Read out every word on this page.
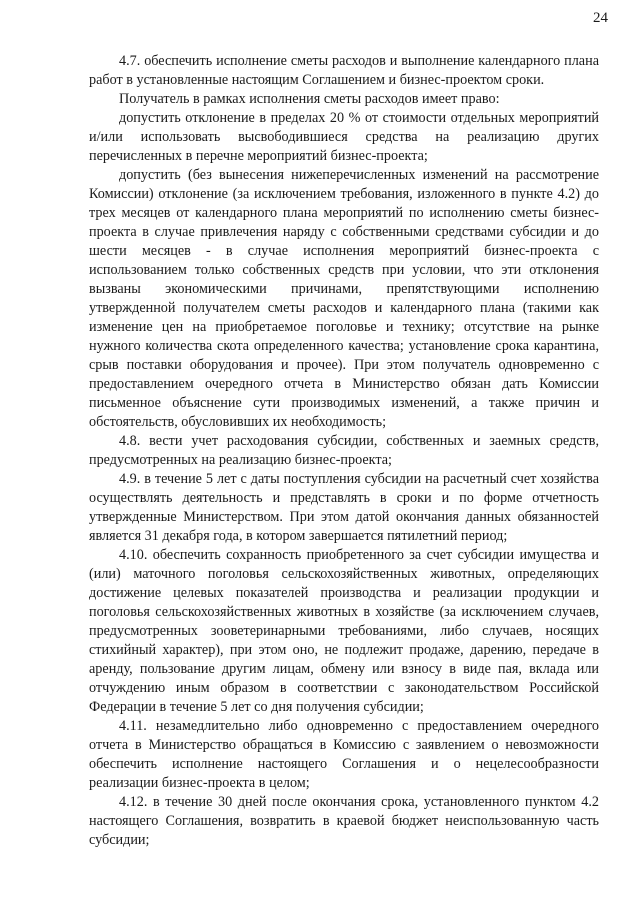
24

4.7. обеспечить исполнение сметы расходов и выполнение календарного плана работ в установленные настоящим Соглашением и бизнес-проектом сроки.

Получатель в рамках исполнения сметы расходов имеет право:

допустить отклонение в пределах 20 % от стоимости отдельных мероприятий и/или использовать высвободившиеся средства на реализацию других перечисленных в перечне мероприятий бизнес-проекта;

допустить (без вынесения нижеперечисленных изменений на рассмотрение Комиссии) отклонение (за исключением требования, изложенного в пункте 4.2) до трех месяцев от календарного плана мероприятий по исполнению сметы бизнес-проекта в случае привлечения наряду с собственными средствами субсидии и до шести месяцев - в случае исполнения мероприятий бизнес-проекта с использованием только собственных средств при условии, что эти отклонения вызваны экономическими причинами, препятствующими исполнению утвержденной получателем сметы расходов и календарного плана (такими как изменение цен на приобретаемое поголовье и технику; отсутствие на рынке нужного количества скота определенного качества; установление срока карантина, срыв поставки оборудования и прочее). При этом получатель одновременно с предоставлением очередного отчета в Министерство обязан дать Комиссии письменное объяснение сути производимых изменений, а также причин и обстоятельств, обусловивших их необходимость;

4.8. вести учет расходования субсидии, собственных и заемных средств, предусмотренных на реализацию бизнес-проекта;

4.9. в течение 5 лет с даты поступления субсидии на расчетный счет хозяйства осуществлять деятельность и представлять в сроки и по форме отчетность утвержденные Министерством. При этом датой окончания данных обязанностей является 31 декабря года, в котором завершается пятилетний период;

4.10. обеспечить сохранность приобретенного за счет субсидии имущества и (или) маточного поголовья сельскохозяйственных животных, определяющих достижение целевых показателей производства и реализации продукции и поголовья сельскохозяйственных животных в хозяйстве (за исключением случаев, предусмотренных зооветеринарными требованиями, либо случаев, носящих стихийный характер), при этом оно, не подлежит продаже, дарению, передаче в аренду, пользование другим лицам, обмену или взносу в виде пая, вклада или отчуждению иным образом в соответствии с законодательством Российской Федерации в течение 5 лет со дня получения субсидии;

4.11. незамедлительно либо одновременно с предоставлением очередного отчета в Министерство обращаться в Комиссию с заявлением о невозможности обеспечить исполнение настоящего Соглашения и о нецелесообразности реализации бизнес-проекта в целом;

4.12. в течение 30 дней после окончания срока, установленного пунктом 4.2 настоящего Соглашения, возвратить в краевой бюджет неиспользованную часть субсидии;
